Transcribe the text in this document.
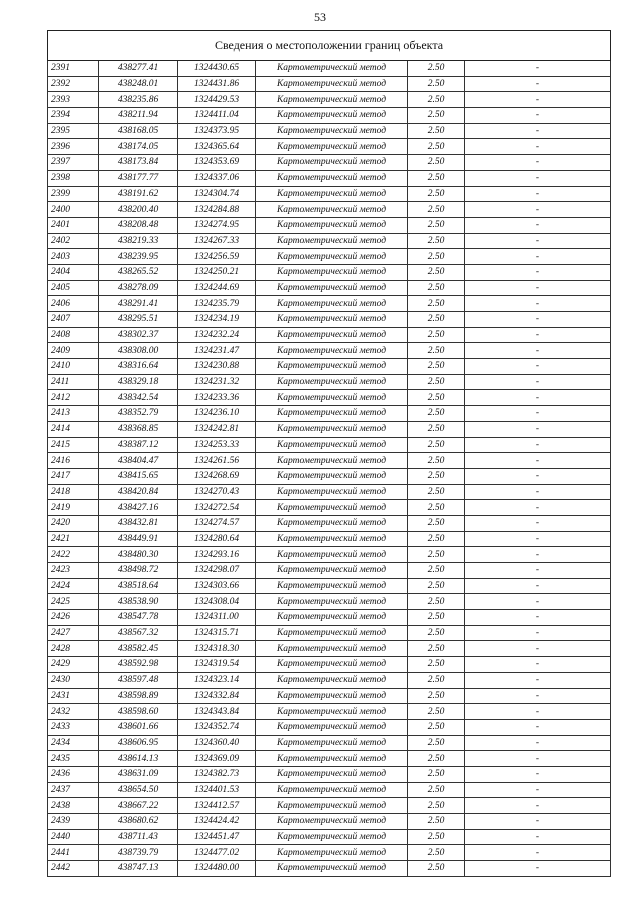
53
Сведения о местоположении границ объекта					
2391	438277.41	1324430.65	Картометрический метод	2.50	-
2392	438248.01	1324431.86	Картометрический метод	2.50	-
2393	438235.86	1324429.53	Картометрический метод	2.50	-
2394	438211.94	1324411.04	Картометрический метод	2.50	-
2395	438168.05	1324373.95	Картометрический метод	2.50	-
2396	438174.05	1324365.64	Картометрический метод	2.50	-
2397	438173.84	1324353.69	Картометрический метод	2.50	-
2398	438177.77	1324337.06	Картометрический метод	2.50	-
2399	438191.62	1324304.74	Картометрический метод	2.50	-
2400	438200.40	1324284.88	Картометрический метод	2.50	-
2401	438208.48	1324274.95	Картометрический метод	2.50	-
2402	438219.33	1324267.33	Картометрический метод	2.50	-
2403	438239.95	1324256.59	Картометрический метод	2.50	-
2404	438265.52	1324250.21	Картометрический метод	2.50	-
2405	438278.09	1324244.69	Картометрический метод	2.50	-
2406	438291.41	1324235.79	Картометрический метод	2.50	-
2407	438295.51	1324234.19	Картометрический метод	2.50	-
2408	438302.37	1324232.24	Картометрический метод	2.50	-
2409	438308.00	1324231.47	Картометрический метод	2.50	-
2410	438316.64	1324230.88	Картометрический метод	2.50	-
2411	438329.18	1324231.32	Картометрический метод	2.50	-
2412	438342.54	1324233.36	Картометрический метод	2.50	-
2413	438352.79	1324236.10	Картометрический метод	2.50	-
2414	438368.85	1324242.81	Картометрический метод	2.50	-
2415	438387.12	1324253.33	Картометрический метод	2.50	-
2416	438404.47	1324261.56	Картометрический метод	2.50	-
2417	438415.65	1324268.69	Картометрический метод	2.50	-
2418	438420.84	1324270.43	Картометрический метод	2.50	-
2419	438427.16	1324272.54	Картометрический метод	2.50	-
2420	438432.81	1324274.57	Картометрический метод	2.50	-
2421	438449.91	1324280.64	Картометрический метод	2.50	-
2422	438480.30	1324293.16	Картометрический метод	2.50	-
2423	438498.72	1324298.07	Картометрический метод	2.50	-
2424	438518.64	1324303.66	Картометрический метод	2.50	-
2425	438538.90	1324308.04	Картометрический метод	2.50	-
2426	438547.78	1324311.00	Картометрический метод	2.50	-
2427	438567.32	1324315.71	Картометрический метод	2.50	-
2428	438582.45	1324318.30	Картометрический метод	2.50	-
2429	438592.98	1324319.54	Картометрический метод	2.50	-
2430	438597.48	1324323.14	Картометрический метод	2.50	-
2431	438598.89	1324332.84	Картометрический метод	2.50	-
2432	438598.60	1324343.84	Картометрический метод	2.50	-
2433	438601.66	1324352.74	Картометрический метод	2.50	-
2434	438606.95	1324360.40	Картометрический метод	2.50	-
2435	438614.13	1324369.09	Картометрический метод	2.50	-
2436	438631.09	1324382.73	Картометрический метод	2.50	-
2437	438654.50	1324401.53	Картометрический метод	2.50	-
2438	438667.22	1324412.57	Картометрический метод	2.50	-
2439	438680.62	1324424.42	Картометрический метод	2.50	-
2440	438711.43	1324451.47	Картометрический метод	2.50	-
2441	438739.79	1324477.02	Картометрический метод	2.50	-
2442	438747.13	1324480.00	Картометрический метод	2.50	-
